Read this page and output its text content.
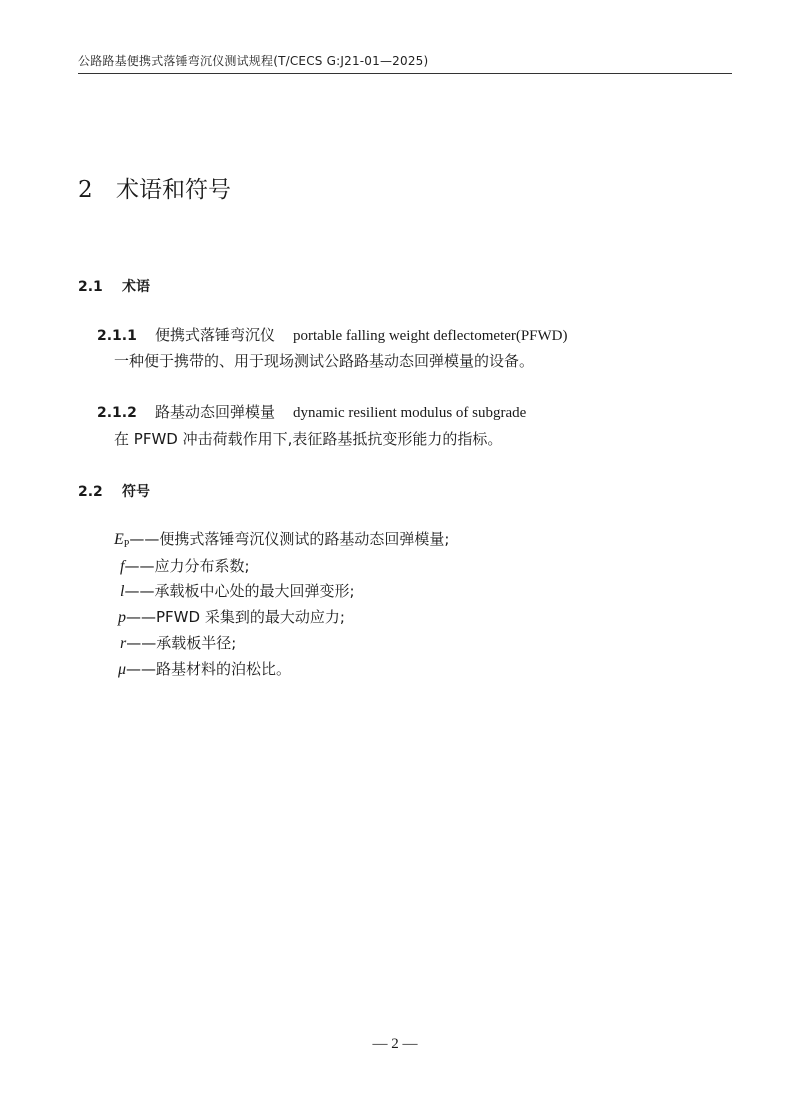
公路路基便携式落锤弯沉仪测试规程(T/CECS G:J21-01—2025)
2 术语和符号
2.1 术语
2.1.1 便携式落锤弯沉仪 portable falling weight deflectometer(PFWD)
一种便于携带的、用于现场测试公路路基动态回弹模量的设备。
2.1.2 路基动态回弹模量 dynamic resilient modulus of subgrade
在 PFWD 冲击荷载作用下,表征路基抵抗变形能力的指标。
2.2 符号
$E_P——$便携式落锤弯沉仪测试的路基动态回弹模量;
f——应力分布系数;
l——承载板中心处的最大回弹变形;
p——PFWD 采集到的最大动应力;
r——承载板半径;
μ——路基材料的泊松比。
— 2 —
